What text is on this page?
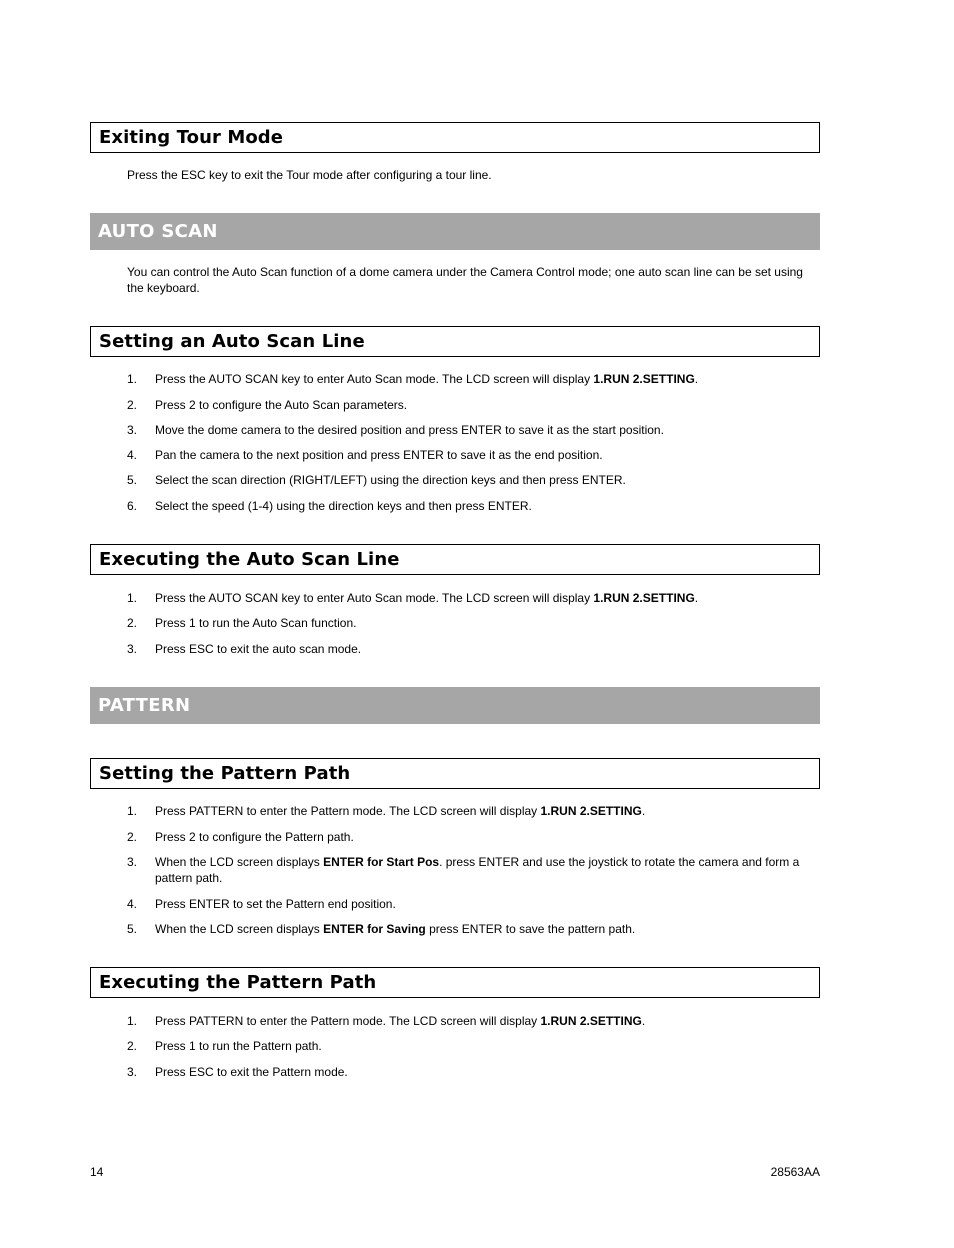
Exiting Tour Mode
Press the ESC key to exit the Tour mode after configuring a tour line.
AUTO SCAN
You can control the Auto Scan function of a dome camera under the Camera Control mode; one auto scan line can be set using the keyboard.
Setting an Auto Scan Line
1. Press the AUTO SCAN key to enter Auto Scan mode. The LCD screen will display 1.RUN 2.SETTING.
2. Press 2 to configure the Auto Scan parameters.
3. Move the dome camera to the desired position and press ENTER to save it as the start position.
4. Pan the camera to the next position and press ENTER to save it as the end position.
5. Select the scan direction (RIGHT/LEFT) using the direction keys and then press ENTER.
6. Select the speed (1-4) using the direction keys and then press ENTER.
Executing the Auto Scan Line
1. Press the AUTO SCAN key to enter Auto Scan mode. The LCD screen will display 1.RUN 2.SETTING.
2. Press 1 to run the Auto Scan function.
3. Press ESC to exit the auto scan mode.
PATTERN
Setting the Pattern Path
1. Press PATTERN to enter the Pattern mode. The LCD screen will display 1.RUN 2.SETTING.
2. Press 2 to configure the Pattern path.
3. When the LCD screen displays ENTER for Start Pos. press ENTER and use the joystick to rotate the camera and form a pattern path.
4. Press ENTER to set the Pattern end position.
5. When the LCD screen displays ENTER for Saving press ENTER to save the pattern path.
Executing the Pattern Path
1. Press PATTERN to enter the Pattern mode. The LCD screen will display 1.RUN 2.SETTING.
2. Press 1 to run the Pattern path.
3. Press ESC to exit the Pattern mode.
14	28563AA
